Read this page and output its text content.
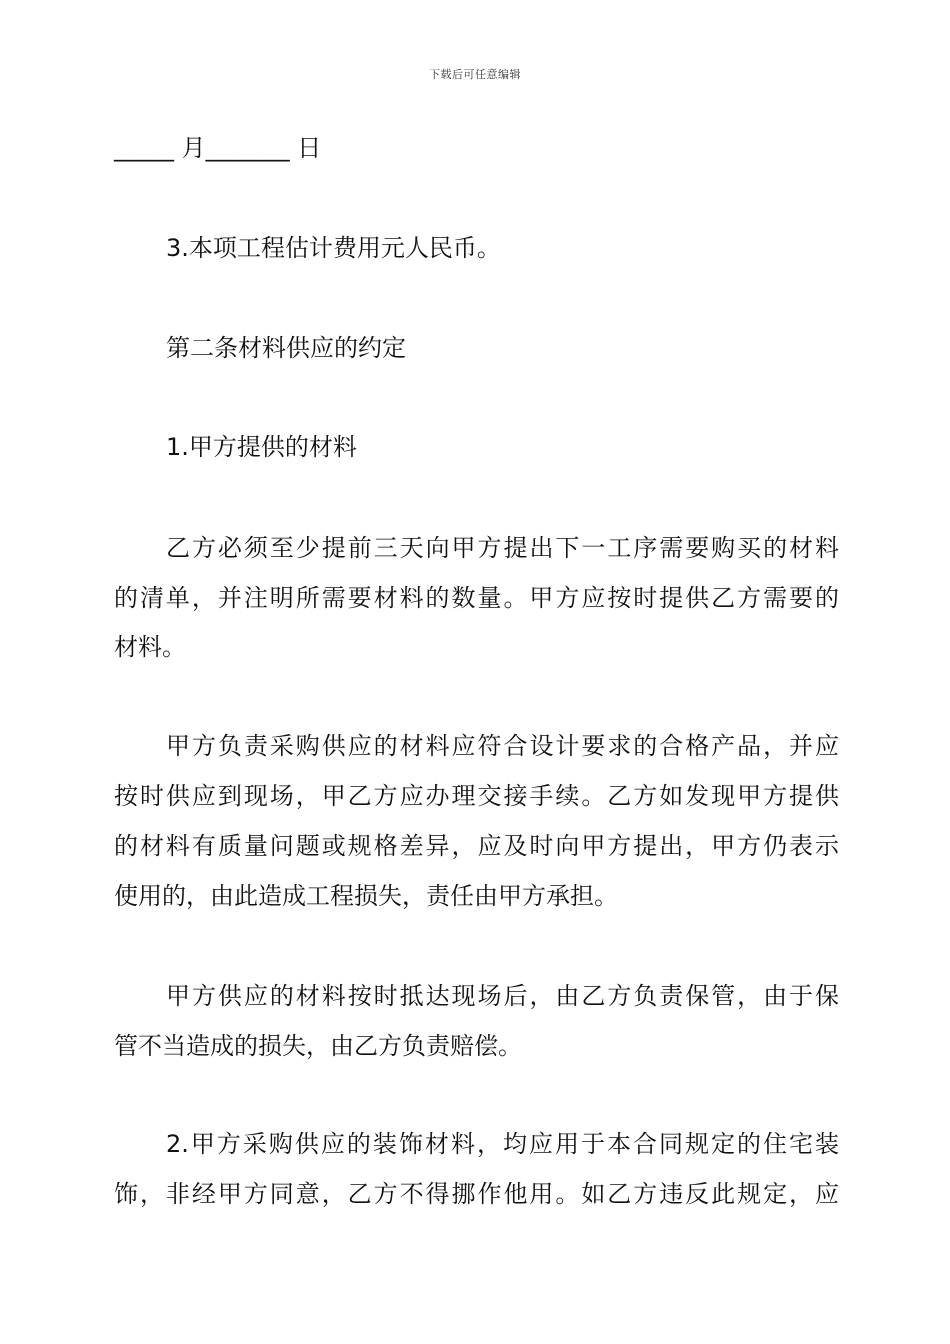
下载后可任意编辑
_____ 月_______ 日
3.本项工程估计费用元人民币。
第二条材料供应的约定
1.甲方提供的材料
乙方必须至少提前三天向甲方提出下一工序需要购买的材料
的清单，并注明所需要材料的数量。甲方应按时提供乙方需要的
材料。
甲方负责采购供应的材料应符合设计要求的合格产品，并应
按时供应到现场，甲乙方应办理交接手续。乙方如发现甲方提供
的材料有质量问题或规格差异，应及时向甲方提出，甲方仍表示
使用的，由此造成工程损失，责任由甲方承担。
甲方供应的材料按时抵达现场后，由乙方负责保管，由于保
管不当造成的损失，由乙方负责赔偿。
2.甲方采购供应的装饰材料，均应用于本合同规定的住宅装
饰，非经甲方同意，乙方不得挪作他用。如乙方违反此规定，应
